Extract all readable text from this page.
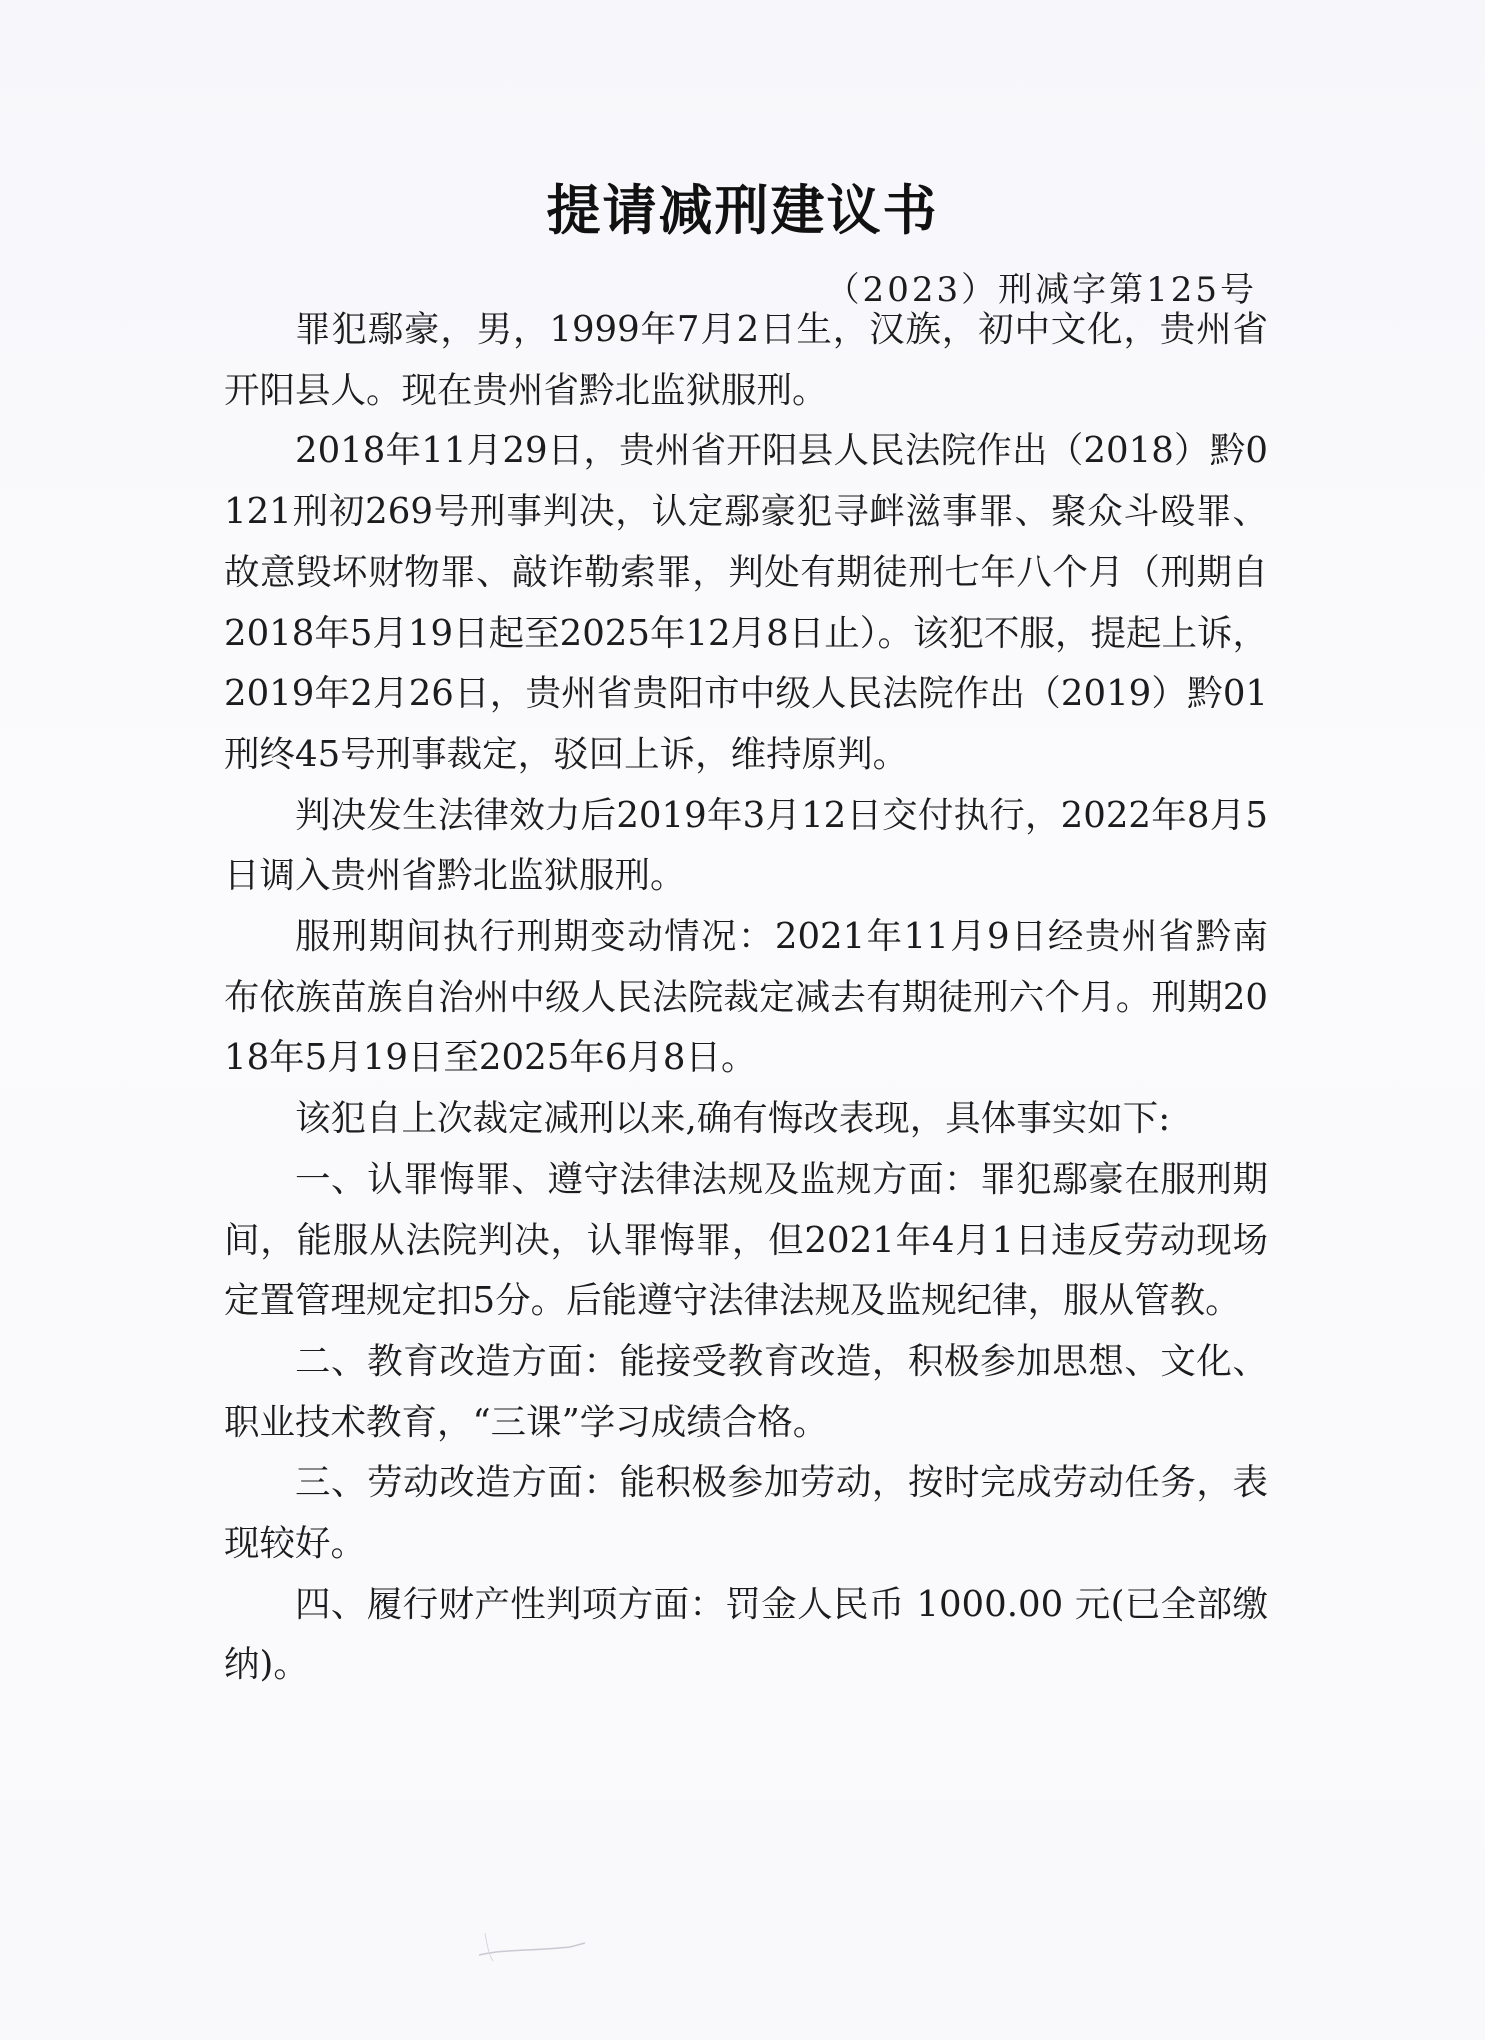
提请减刑建议书
（2023）刑减字第125号

罪犯鄢豪，男，1999年7月2日生，汉族，初中文化，贵州省开阳县人。现在贵州省黔北监狱服刑。

2018年11月29日，贵州省开阳县人民法院作出（2018）黔0121刑初269号刑事判决，认定鄢豪犯寻衅滋事罪、聚众斗殴罪、故意毁坏财物罪、敲诈勒索罪，判处有期徒刑七年八个月（刑期自2018年5月19日起至2025年12月8日止）。该犯不服，提起上诉，2019年2月26日，贵州省贵阳市中级人民法院作出（2019）黔01刑终45号刑事裁定，驳回上诉，维持原判。

判决发生法律效力后2019年3月12日交付执行，2022年8月5日调入贵州省黔北监狱服刑。

服刑期间执行刑期变动情况：2021年11月9日经贵州省黔南布依族苗族自治州中级人民法院裁定减去有期徒刑六个月。刑期2018年5月19日至2025年6月8日。

该犯自上次裁定减刑以来,确有悔改表现，具体事实如下:

一、认罪悔罪、遵守法律法规及监规方面：罪犯鄢豪在服刑期间，能服从法院判决，认罪悔罪，但2021年4月1日违反劳动现场定置管理规定扣5分。后能遵守法律法规及监规纪律，服从管教。

二、教育改造方面：能接受教育改造，积极参加思想、文化、职业技术教育，“三课”学习成绩合格。

三、劳动改造方面：能积极参加劳动，按时完成劳动任务，表现较好。

四、履行财产性判项方面：罚金人民币 1000.00 元(已全部缴纳)。
